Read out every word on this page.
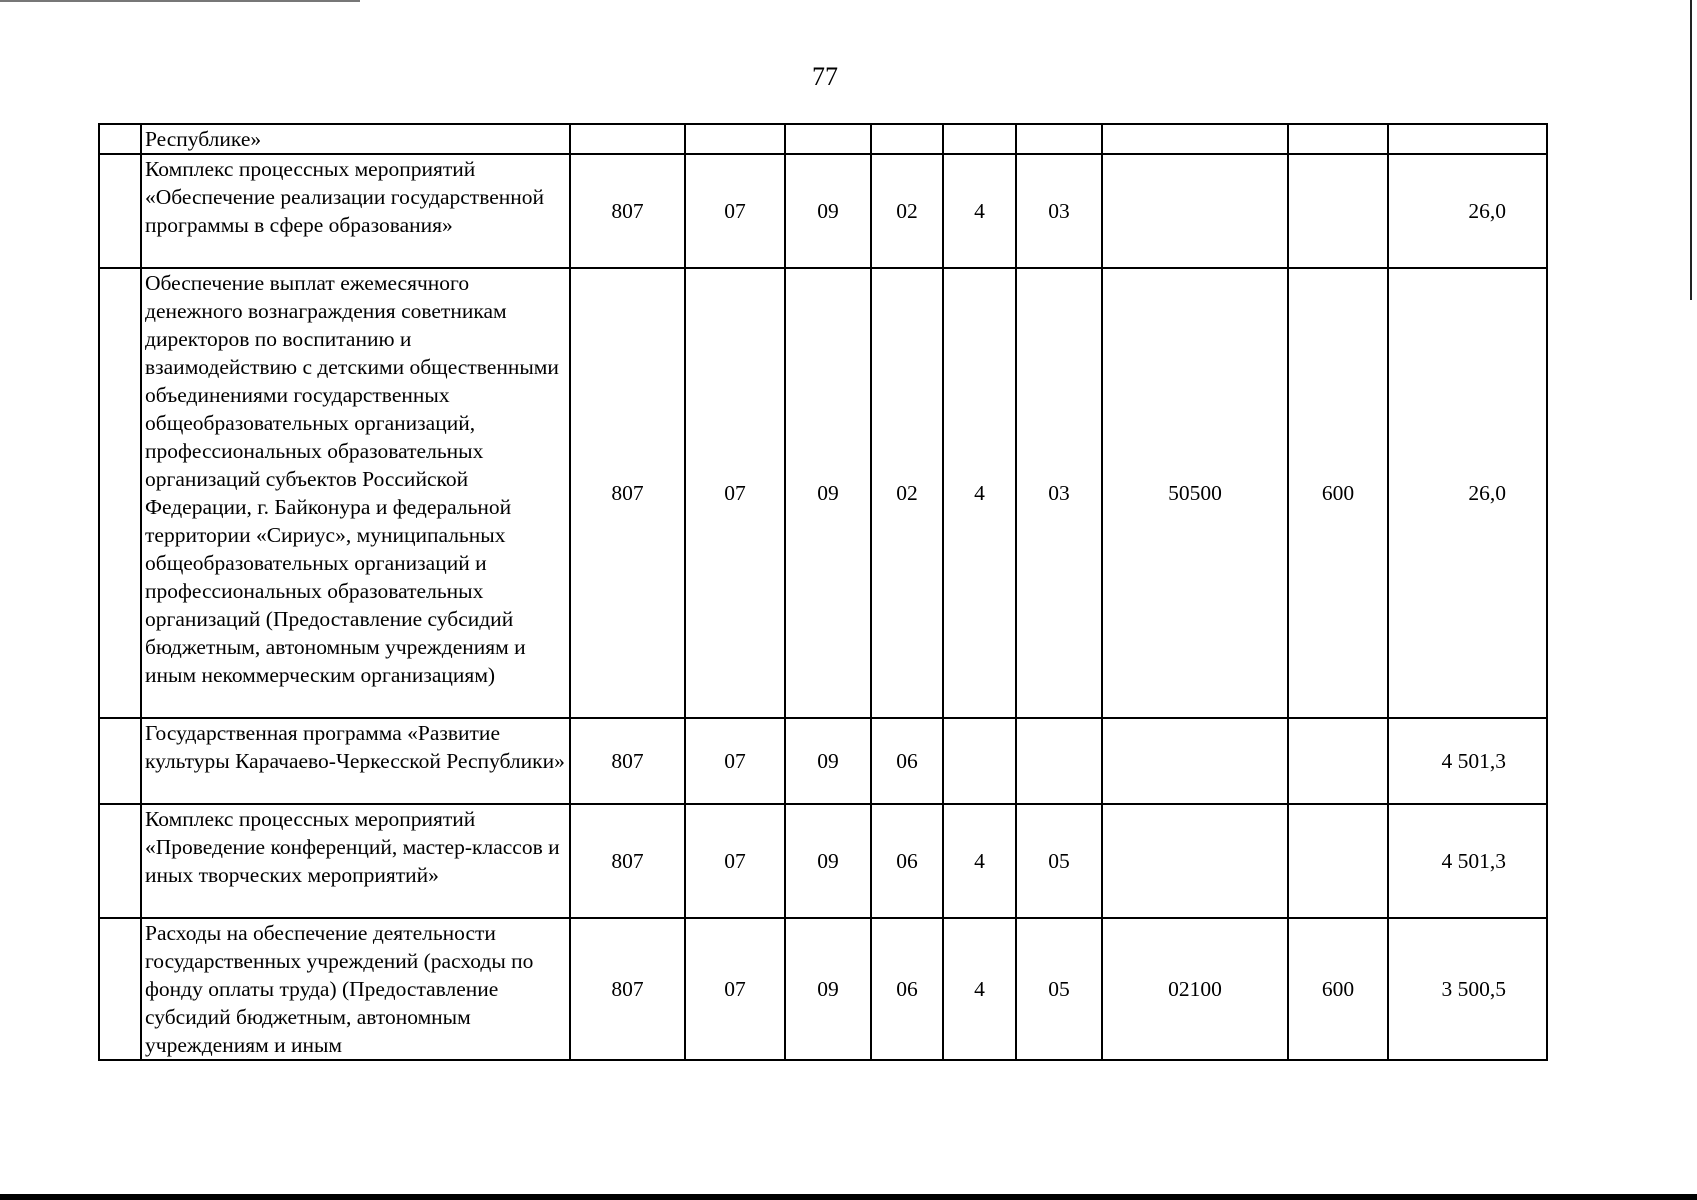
77
	Республике»									
	Комплекс процессных мероприятий «Обеспечение реализации государственной программы в сфере образования»	807	07	09	02	4	03			26,0
	Обеспечение выплат ежемесячного денежного вознаграждения советникам директоров по воспитанию и взаимодействию с детскими общественными объединениями государственных общеобразовательных организаций, профессиональных образовательных организаций субъектов Российской Федерации, г. Байконура и федеральной территории «Сириус», муниципальных общеобразовательных организаций и профессиональных образовательных организаций (Предоставление субсидий бюджетным, автономным учреждениям и иным некоммерческим организациям)	807	07	09	02	4	03	50500	600	26,0
	Государственная программа «Развитие культуры Карачаево-Черкесской Республики»	807	07	09	06					4 501,3
	Комплекс процессных мероприятий «Проведение конференций, мастер-классов и иных творческих мероприятий»	807	07	09	06	4	05			4 501,3
	Расходы на обеспечение деятельности государственных учреждений (расходы по фонду оплаты труда) (Предоставление субсидий бюджетным, автономным учреждениям и иным	807	07	09	06	4	05	02100	600	3 500,5
